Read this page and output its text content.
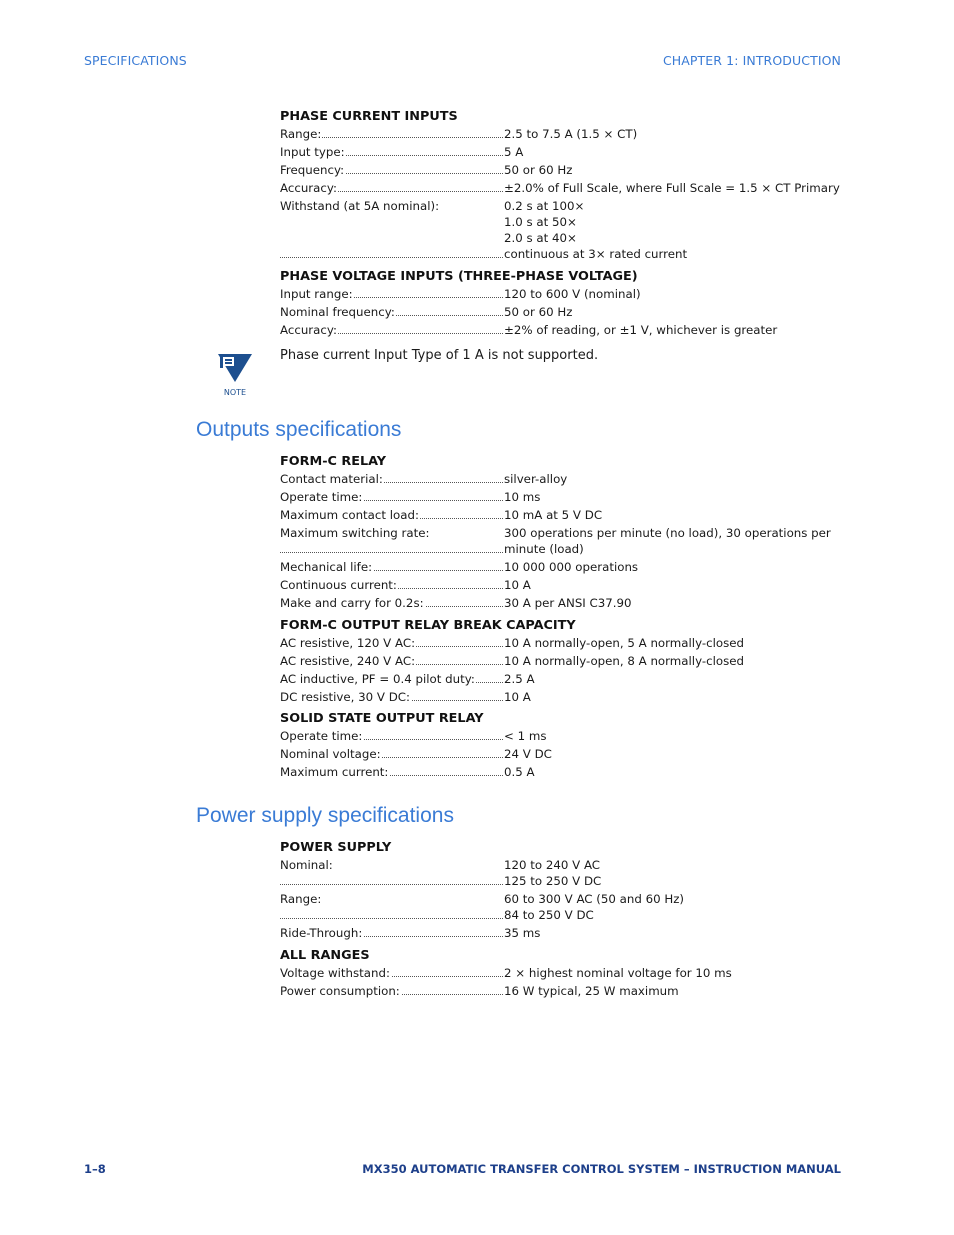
SPECIFICATIONS	CHAPTER 1: INTRODUCTION
PHASE CURRENT INPUTS
Range:	2.5 to 7.5 A (1.5 × CT)
Input type:	5 A
Frequency:	50 or 60 Hz
Accuracy:	±2.0% of Full Scale, where Full Scale = 1.5 × CT Primary
Withstand (at 5A nominal):	0.2 s at 100×
1.0 s at 50×
2.0 s at 40×
continuous at 3× rated current
PHASE VOLTAGE INPUTS (THREE-PHASE VOLTAGE)
Input range:	120 to 600 V (nominal)
Nominal frequency:	50 or 60 Hz
Accuracy:	±2% of reading, or ±1 V, whichever is greater
NOTE
Phase current Input Type of 1 A is not supported.
Outputs specifications
FORM-C RELAY
Contact material:	silver-alloy
Operate time:	10 ms
Maximum contact load:	10 mA at 5 V DC
Maximum switching rate:	300 operations per minute (no load), 30 operations per
minute (load)
Mechanical life:	10 000 000 operations
Continuous current:	10 A
Make and carry for 0.2s:	30 A per ANSI C37.90
FORM-C OUTPUT RELAY BREAK CAPACITY
AC resistive, 120 V AC:	10 A normally-open, 5 A normally-closed
AC resistive, 240 V AC:	10 A normally-open, 8 A normally-closed
AC inductive, PF = 0.4 pilot duty:	2.5 A
DC resistive, 30 V DC:	10 A
SOLID STATE OUTPUT RELAY
Operate time:	< 1 ms
Nominal voltage:	24 V DC
Maximum current:	0.5 A
Power supply specifications
POWER SUPPLY
Nominal:	120 to 240 V AC
125 to 250 V DC
Range:	60 to 300 V AC (50 and 60 Hz)
84 to 250 V DC
Ride-Through:	35 ms
ALL RANGES
Voltage withstand:	2 × highest nominal voltage for 10 ms
Power consumption:	16 W typical, 25 W maximum
1–8	MX350 AUTOMATIC TRANSFER CONTROL SYSTEM – INSTRUCTION MANUAL
